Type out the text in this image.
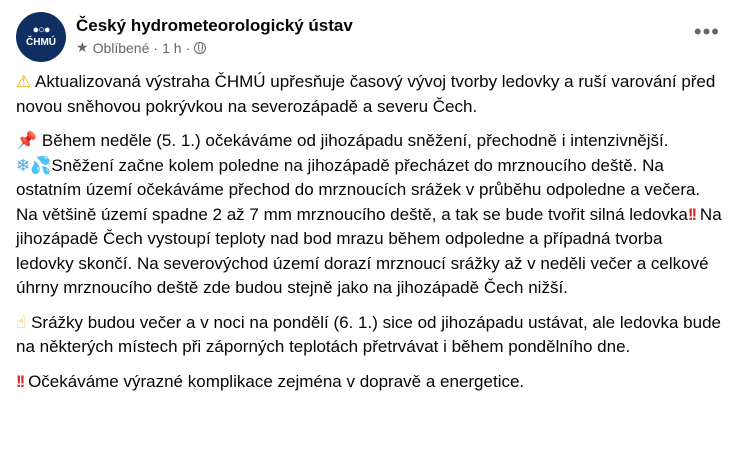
●○●
ČHMÚ
Český hydrometeorologický ústav
★ Oblíbené · 1 h ·
•••

⚠ Aktualizovaná výstraha ČHMÚ upřesňuje časový vývoj tvorby ledovky a ruší varování před novou sněhovou pokrývkou na severozápadě a severu Čech.

📌 Během neděle (5. 1.) očekáváme od jihozápadu sněžení, přechodně i intenzivnější.
❄💦Sněžení začne kolem poledne na jihozápadě přecházet do mrznoucího deště. Na ostatním území očekáváme přechod do mrznoucích srážek v průběhu odpoledne a večera. Na většině území spadne 2 až 7 mm mrznoucího deště, a tak se bude tvořit silná ledovka!! Na jihozápadě Čech vystoupí teploty nad bod mrazu během odpoledne a případná tvorba ledovky skončí. Na severovýchod území dorazí mrznoucí srážky až v neděli večer a celkové úhrny mrznoucího deště zde budou stejně jako na jihozápadě Čech nižší.

☝ Srážky budou večer a v noci na pondělí (6. 1.) sice od jihozápadu ustávat, ale ledovka bude na některých místech při záporných teplotách přetrvávat i během pondělního dne.

!! Očekáváme výrazné komplikace zejména v dopravě a energetice.
